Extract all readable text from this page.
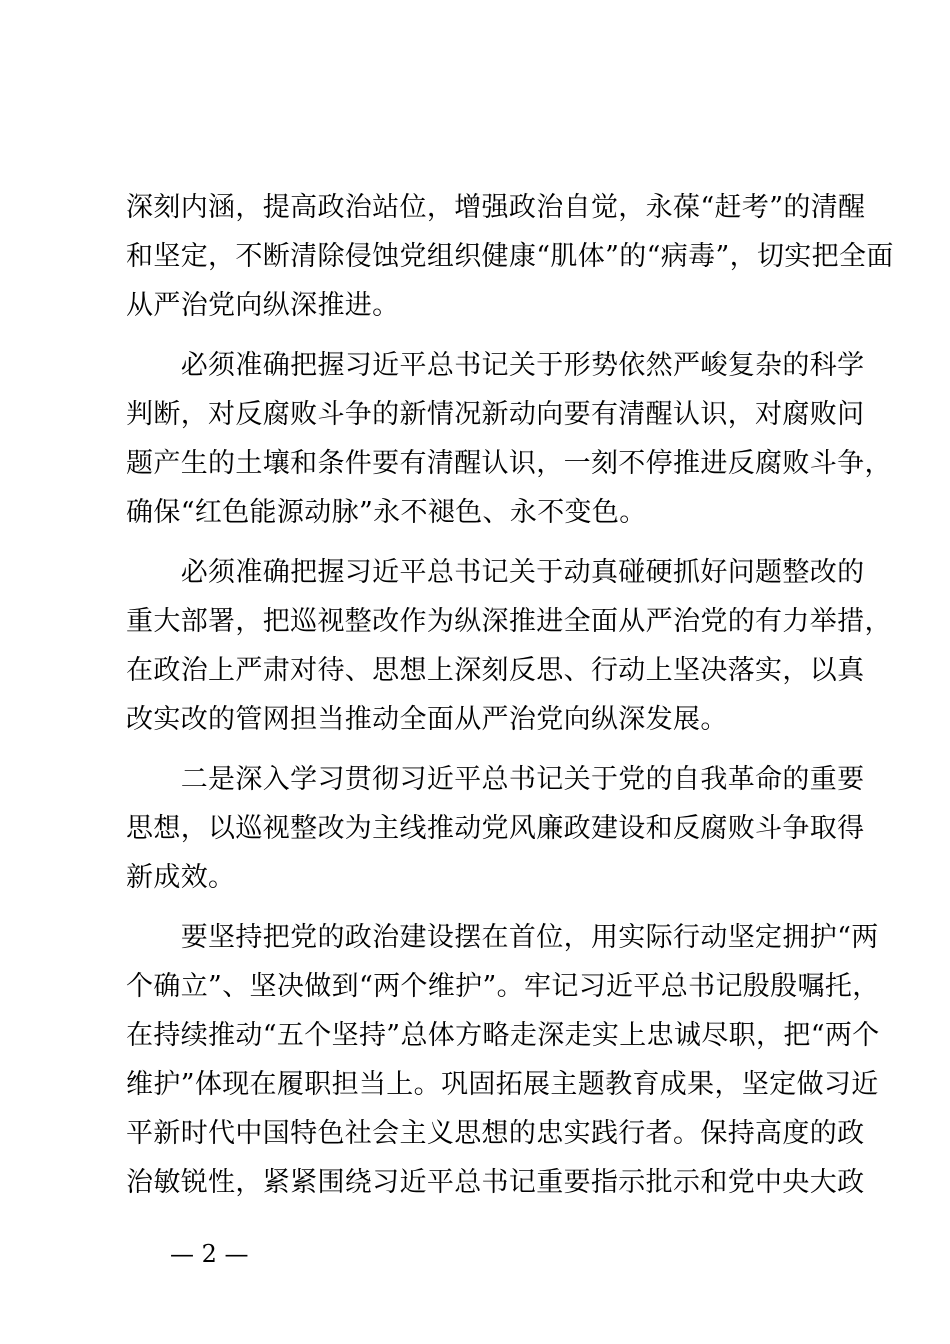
深刻内涵，提高政治站位，增强政治自觉，永葆“赶考”的清醒
和坚定，不断清除侵蚀党组织健康“肌体”的“病毒”，切实把全面
从严治党向纵深推进。
　　必须准确把握习近平总书记关于形势依然严峻复杂的科学
判断，对反腐败斗争的新情况新动向要有清醒认识，对腐败问
题产生的土壤和条件要有清醒认识，一刻不停推进反腐败斗争，
确保“红色能源动脉”永不褪色、永不变色。
　　必须准确把握习近平总书记关于动真碰硬抓好问题整改的
重大部署，把巡视整改作为纵深推进全面从严治党的有力举措，
在政治上严肃对待、思想上深刻反思、行动上坚决落实，以真
改实改的管网担当推动全面从严治党向纵深发展。
　　二是深入学习贯彻习近平总书记关于党的自我革命的重要
思想，以巡视整改为主线推动党风廉政建设和反腐败斗争取得
新成效。
　　要坚持把党的政治建设摆在首位，用实际行动坚定拥护“两
个确立”、坚决做到“两个维护”。牢记习近平总书记殷殷嘱托，
在持续推动“五个坚持”总体方略走深走实上忠诚尽职，把“两个
维护”体现在履职担当上。巩固拓展主题教育成果，坚定做习近
平新时代中国特色社会主义思想的忠实践行者。保持高度的政
治敏锐性，紧紧围绕习近平总书记重要指示批示和党中央大政
— 2 —
